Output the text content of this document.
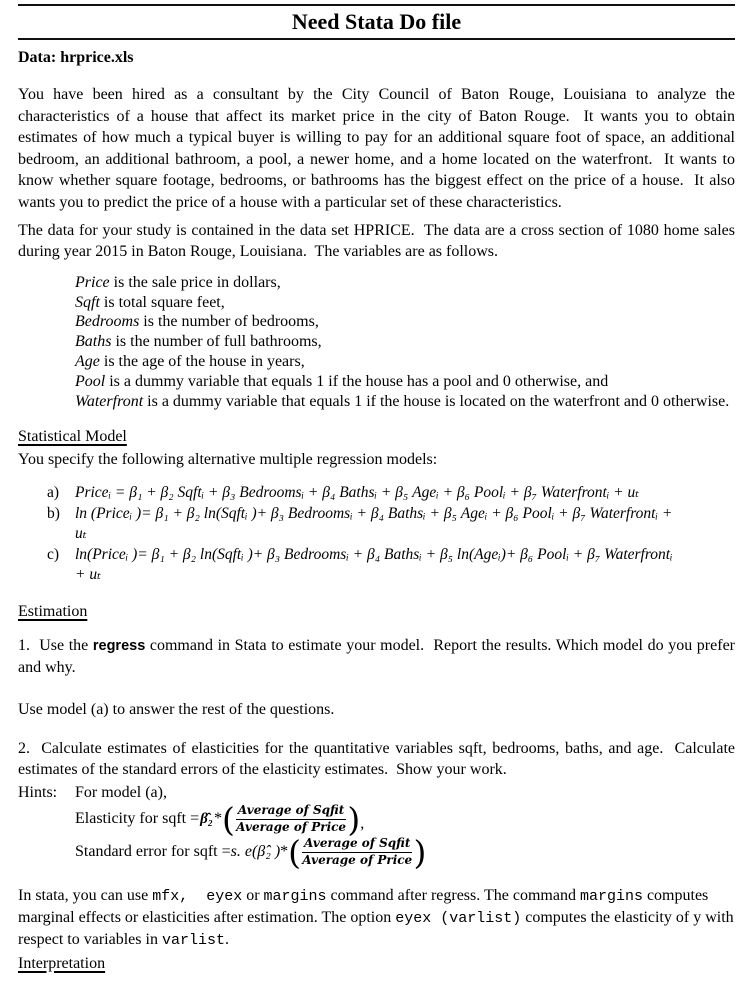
Need Stata Do file
Data: hrprice.xls

You have been hired as a consultant by the City Council of Baton Rouge, Louisiana to analyze the characteristics of a house that affect its market price in the city of Baton Rouge.  It wants you to obtain estimates of how much a typical buyer is willing to pay for an additional square foot of space, an additional bedroom, an additional bathroom, a pool, a newer home, and a home located on the waterfront.  It wants to know whether square footage, bedrooms, or bathrooms has the biggest effect on the price of a house.  It also wants you to predict the price of a house with a particular set of these characteristics.

The data for your study is contained in the data set HPRICE.  The data are a cross section of 1080 home sales during year 2015 in Baton Rouge, Louisiana.  The variables are as follows.

Price is the sale price in dollars,
Sqft is total square feet,
Bedrooms is the number of bedrooms,
Baths is the number of full bathrooms,
Age is the age of the house in years,
Pool is a dummy variable that equals 1 if the house has a pool and 0 otherwise, and
Waterfront is a dummy variable that equals 1 if the house is located on the waterfront and 0 otherwise.
Statistical Model

You specify the following alternative multiple regression models:

a)	Priceᵢ = β₁ + β₂ Sqftᵢ + β₃ Bedroomsᵢ + β₄ Bathsᵢ + β₅ Ageᵢ + β₆ Poolᵢ + β₇ Waterfrontᵢ + uₜ
b) ln (Priceᵢ )= β₁ + β₂ ln(Sqftᵢ )+ β₃ Bedroomsᵢ + β₄ Bathsᵢ + β₅ Ageᵢ + β₆ Poolᵢ + β₇ Waterfrontᵢ +
uₜ
c)	ln(Priceᵢ )= β₁ + β₂ ln(Sqftᵢ )+ β₃ Bedroomsᵢ + β₄ Bathsᵢ + β₅ ln(Ageᵢ)+ β₆ Poolᵢ + β₇ Waterfrontᵢ
+ uₜ
Estimation

1.  Use the regress command in Stata to estimate your model.  Report the results. Which model do you prefer and why.

Use model (a) to answer the rest of the questions.

2.  Calculate estimates of elasticities for the quantitative variables sqft, bedrooms, baths, and age.  Calculate estimates of the standard errors of the elasticity estimates.  Show your work.

Hints: For model (a),
Elasticity for sqft = β̂₂ * ( $\frac{\text{Average of Sqfit}}{\text{Average of Price}}$ ) ,
Standard error for sqft = s. e(β̂₂ ) * ( $\frac{\text{Average of Sqfit}}{\text{Average of Price}}$ )

In stata, you can use mfx,  eyex or margins command after regress. The command margins computes marginal effects or elasticities after estimation. The option eyex (varlist) computes the elasticity of y with respect to variables in varlist.

Interpretation
